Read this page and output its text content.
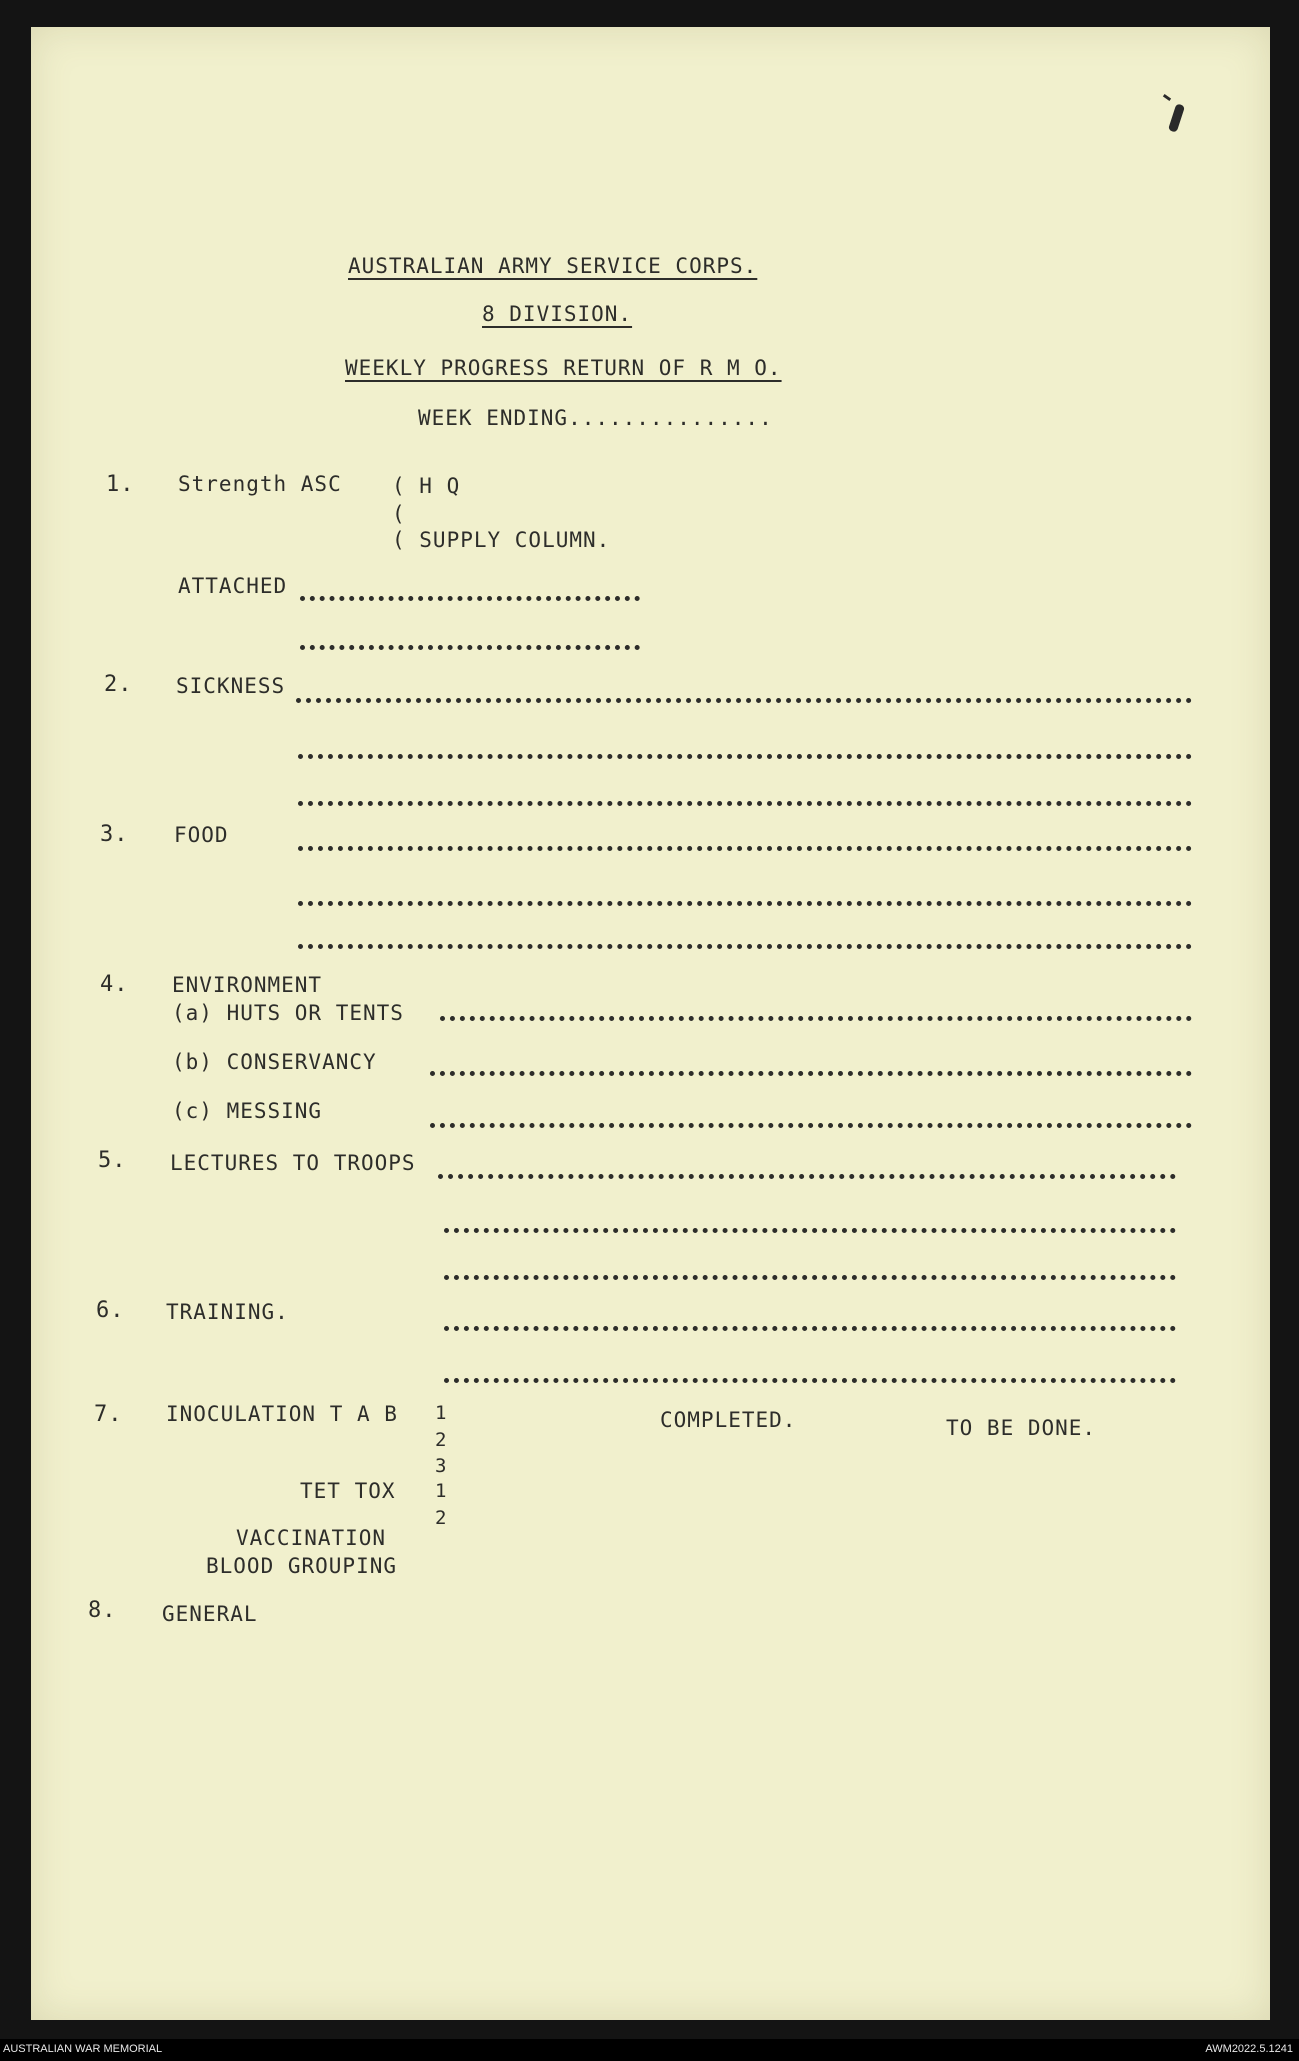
AUSTRALIAN ARMY SERVICE CORPS.
8 DIVISION.
WEEKLY PROGRESS RETURN OF R M O.
WEEK ENDING...............
1. Strength ASC ( H Q
(
( SUPPLY COLUMN.
ATTACHED
2. SICKNESS
3. FOOD
4. ENVIRONMENT
(a) HUTS OR TENTS
(b) CONSERVANCY
(c) MESSING
5. LECTURES TO TROOPS
6. TRAINING.
7. INOCULATION T A B 1
2
3
COMPLETED.	TO BE DONE.
TET TOX 1
2
VACCINATION
BLOOD GROUPING
8. GENERAL
AUSTRALIAN WAR MEMORIAL	AWM2022.5.1241
